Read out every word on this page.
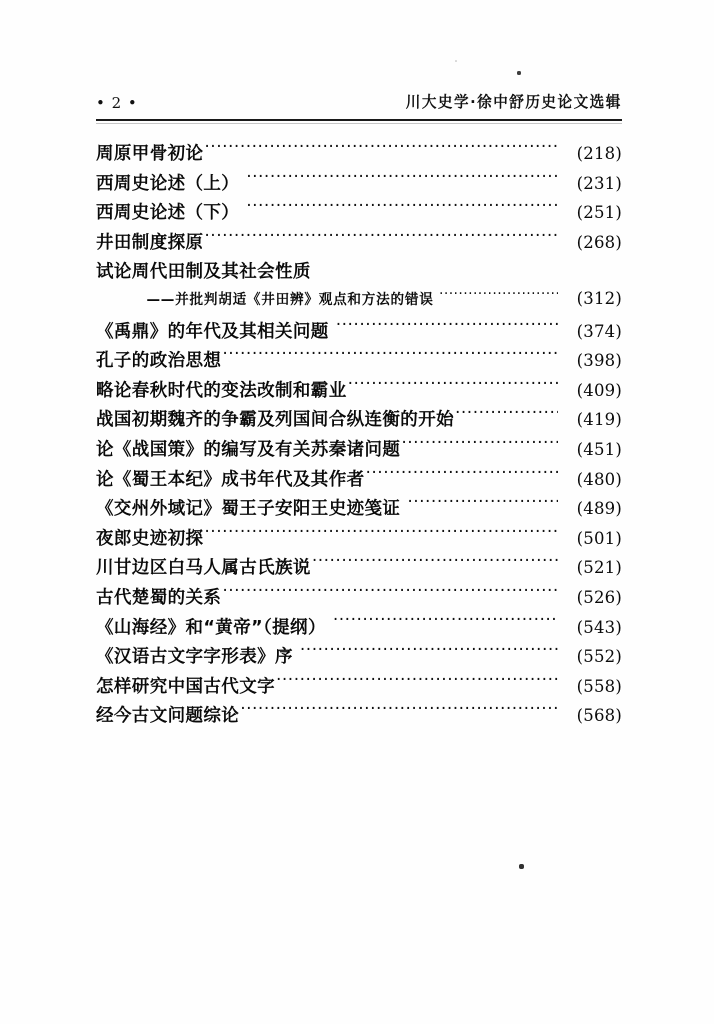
• 2 •	川大史学·徐中舒历史论文选辑
周原甲骨初论 ·····	(218)
西周史论述（上） ·····	(231)
西周史论述（下） ·····	(251)
井田制度探原 ·····	(268)
试论周代田制及其社会性质
——并批判胡适《井田辨》观点和方法的错误 ·····	(312)
《禹鼎》的年代及其相关问题 ·····	(374)
孔子的政治思想 ·····	(398)
略论春秋时代的变法改制和霸业 ·····	(409)
战国初期魏齐的争霸及列国间合纵连衡的开始 ·····	(419)
论《战国策》的编写及有关苏秦诸问题 ·····	(451)
论《蜀王本纪》成书年代及其作者 ·····	(480)
《交州外域记》蜀王子安阳王史迹笺证 ·····	(489)
夜郎史迹初探 ·····	(501)
川甘边区白马人属古氏族说 ·····	(521)
古代楚蜀的关系 ·····	(526)
《山海经》和“黄帝”（提纲） ·····	(543)
《汉语古文字字形表》序 ·····	(552)
怎样研究中国古代文字 ·····	(558)
经今古文问题综论 ·····	(568)
